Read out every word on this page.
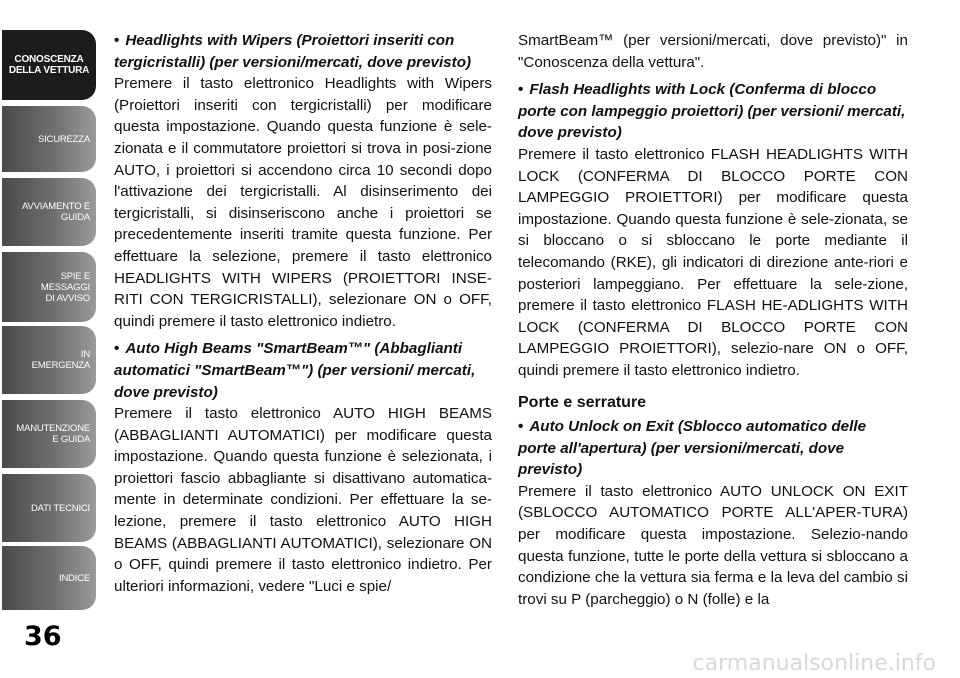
CONOSCENZA
DELLA VETTURA
SICUREZZA
AVVIAMENTO E
GUIDA
SPIE E
MESSAGGI
DI AVVISO
IN
EMERGENZA
MANUTENZIONE
E GUIDA
DATI TECNICI
INDICE
36

• Headlights with Wipers (Proiettori inseriti con tergicristalli) (per versioni/mercati, dove previsto)

Premere il tasto elettronico Headlights with Wipers (Proiettori inseriti con tergicristalli) per modificare questa impostazione. Quando questa funzione è sele-zionata e il commutatore proiettori si trova in posi-zione AUTO, i proiettori si accendono circa 10 secondi dopo l'attivazione dei tergicristalli. Al disinserimento dei tergicristalli, si disinseriscono anche i proiettori se precedentemente inseriti tramite questa funzione. Per effettuare la selezione, premere il tasto elettronico HEADLIGHTS WITH WIPERS (PROIETTORI INSE-RITI CON TERGICRISTALLI), selezionare ON o OFF, quindi premere il tasto elettronico indietro.

• Auto High Beams "SmartBeam™" (Abbaglianti automatici "SmartBeam™") (per versioni/ mercati, dove previsto)

Premere il tasto elettronico AUTO HIGH BEAMS (ABBAGLIANTI AUTOMATICI) per modificare questa impostazione. Quando questa funzione è selezionata, i proiettori fascio abbagliante si disattivano automatica-mente in determinate condizioni. Per effettuare la se-lezione, premere il tasto elettronico AUTO HIGH BEAMS (ABBAGLIANTI AUTOMATICI), selezionare ON o OFF, quindi premere il tasto elettronico indietro. Per ulteriori informazioni, vedere "Luci e spie/

SmartBeam™ (per versioni/mercati, dove previsto)" in "Conoscenza della vettura".

• Flash Headlights with Lock (Conferma di blocco porte con lampeggio proiettori) (per versioni/ mercati, dove previsto)

Premere il tasto elettronico FLASH HEADLIGHTS WITH LOCK (CONFERMA DI BLOCCO PORTE CON LAMPEGGIO PROIETTORI) per modificare questa impostazione. Quando questa funzione è sele-zionata, se si bloccano o si sbloccano le porte mediante il telecomando (RKE), gli indicatori di direzione ante-riori e posteriori lampeggiano. Per effettuare la sele-zione, premere il tasto elettronico FLASH HE-ADLIGHTS WITH LOCK (CONFERMA DI BLOCCO PORTE CON LAMPEGGIO PROIETTORI), selezio-nare ON o OFF, quindi premere il tasto elettronico indietro.

Porte e serrature

• Auto Unlock on Exit (Sblocco automatico delle porte all'apertura) (per versioni/mercati, dove previsto)

Premere il tasto elettronico AUTO UNLOCK ON EXIT (SBLOCCO AUTOMATICO PORTE ALL'APER-TURA) per modificare questa impostazione. Selezio-nando questa funzione, tutte le porte della vettura si sbloccano a condizione che la vettura sia ferma e la leva del cambio si trovi su P (parcheggio) o N (folle) e la

carmanualsonline.info
